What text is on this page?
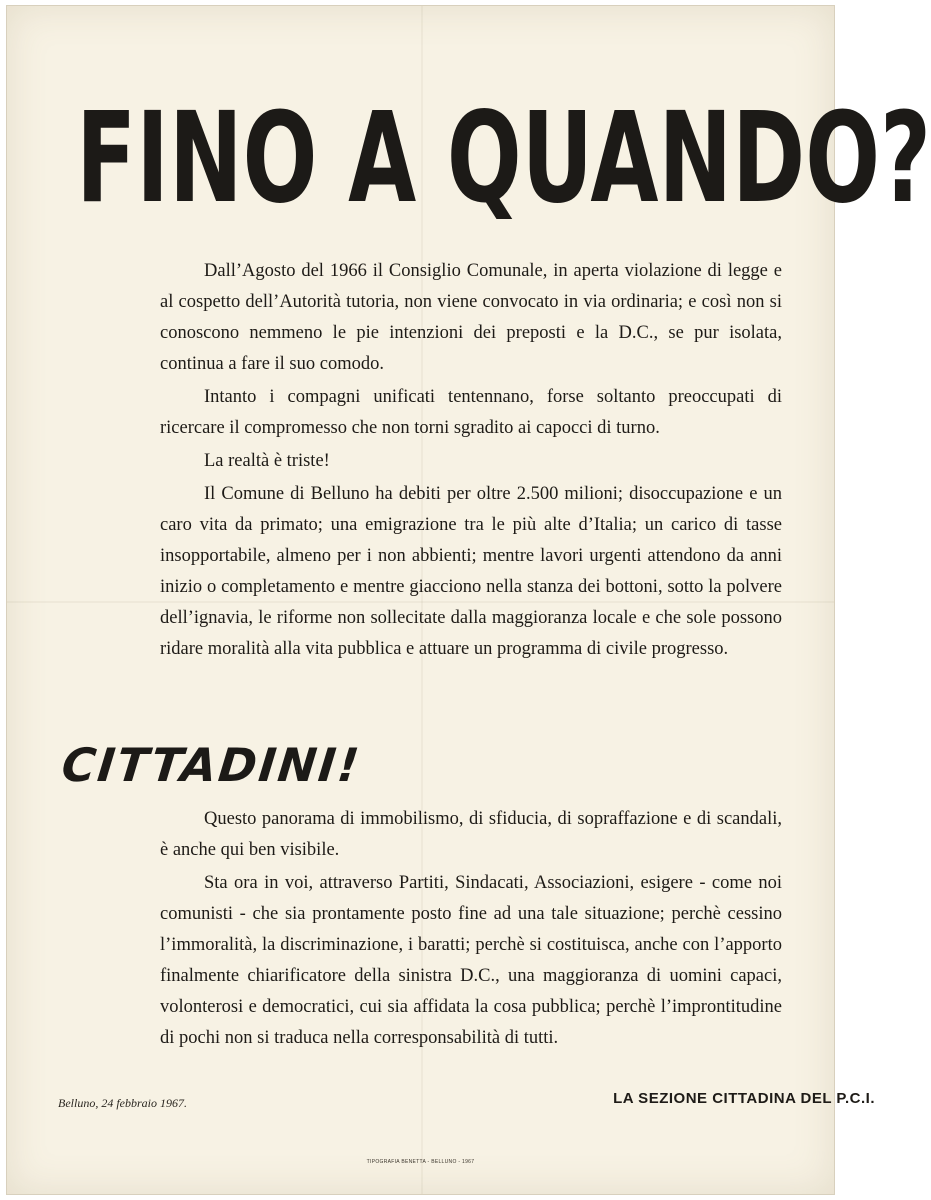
FINO A QUANDO?

Dall’Agosto del 1966 il Consiglio Comunale, in aperta violazione di legge e al cospetto dell’Autorità tutoria, non viene convocato in via ordinaria; e così non si conoscono nemmeno le pie intenzioni dei preposti e la D.C., se pur isolata, continua a fare il suo comodo.

Intanto i compagni unificati tentennano, forse soltanto preoccupati di ricercare il compromesso che non torni sgradito ai capocci di turno.

La realtà è triste!

Il Comune di Belluno ha debiti per oltre 2.500 milioni; disoccupazione e un caro vita da primato; una emigrazione tra le più alte d’Italia; un carico di tasse insopportabile, almeno per i non abbienti; mentre lavori urgenti attendono da anni inizio o completamento e mentre giacciono nella stanza dei bottoni, sotto la polvere dell’ignavia, le riforme non sollecitate dalla maggioranza locale e che sole possono ridare moralità alla vita pubblica e attuare un programma di civile progresso.

CITTADINI!

Questo panorama di immobilismo, di sfiducia, di sopraffazione e di scandali, è anche qui ben visibile.

Sta ora in voi, attraverso Partiti, Sindacati, Associazioni, esigere - come noi comunisti - che sia prontamente posto fine ad una tale situazione; perchè cessino l’immoralità, la discriminazione, i baratti; perchè si costituisca, anche con l’apporto finalmente chiarificatore della sinistra D.C., una maggioranza di uomini capaci, volonterosi e democratici, cui sia affidata la cosa pubblica; perchè l’improntitudine di pochi non si traduca nella corresponsabilità di tutti.

Belluno, 24 febbraio 1967.	LA SEZIONE CITTADINA DEL P.C.I.
TIPOGRAFIA BENETTA - BELLUNO - 1967
